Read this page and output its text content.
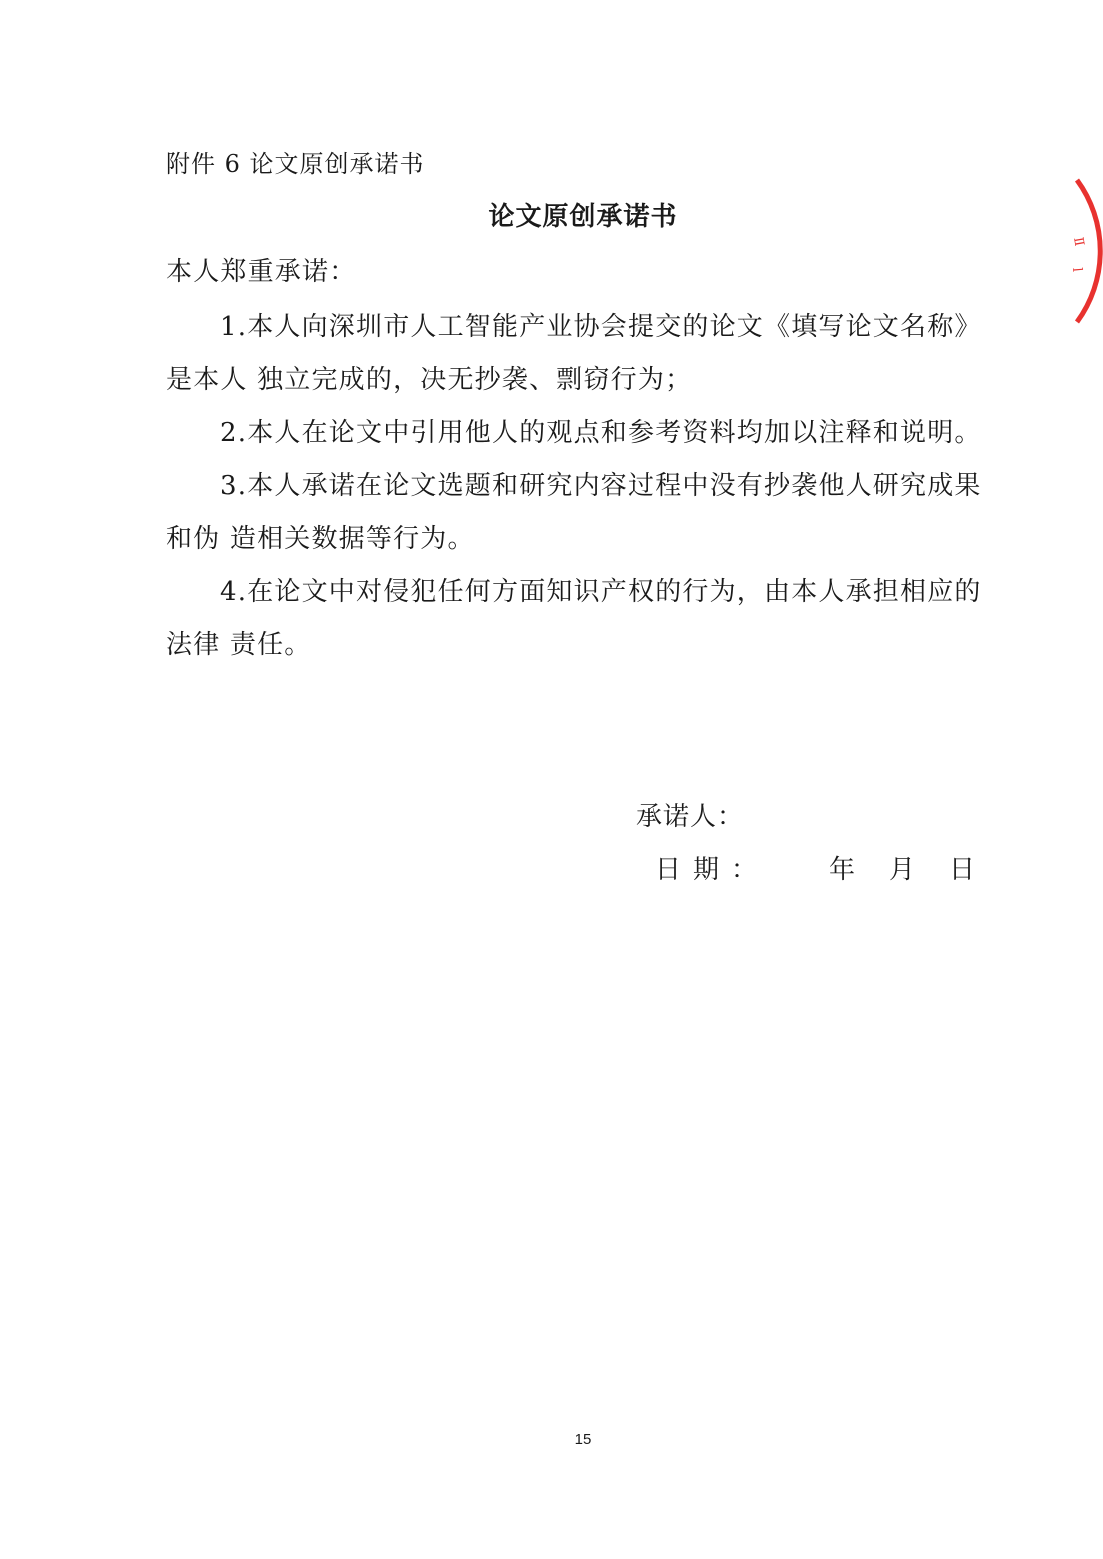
附件 6 论文原创承诺书
论文原创承诺书
本人郑重承诺：

1.本人向深圳市人工智能产业协会提交的论文《填写论文名称》是本人 独立完成的，决无抄袭、剽窃行为；

2.本人在论文中引用他人的观点和参考资料均加以注释和说明。

3.本人承诺在论文选题和研究内容过程中没有抄袭他人研究成果和伪 造相关数据等行为。

4.在论文中对侵犯任何方面知识产权的行为，由本人承担相应的法律 责任。

承诺人：
日期： 年 月 日
15
Ⅱ
l
